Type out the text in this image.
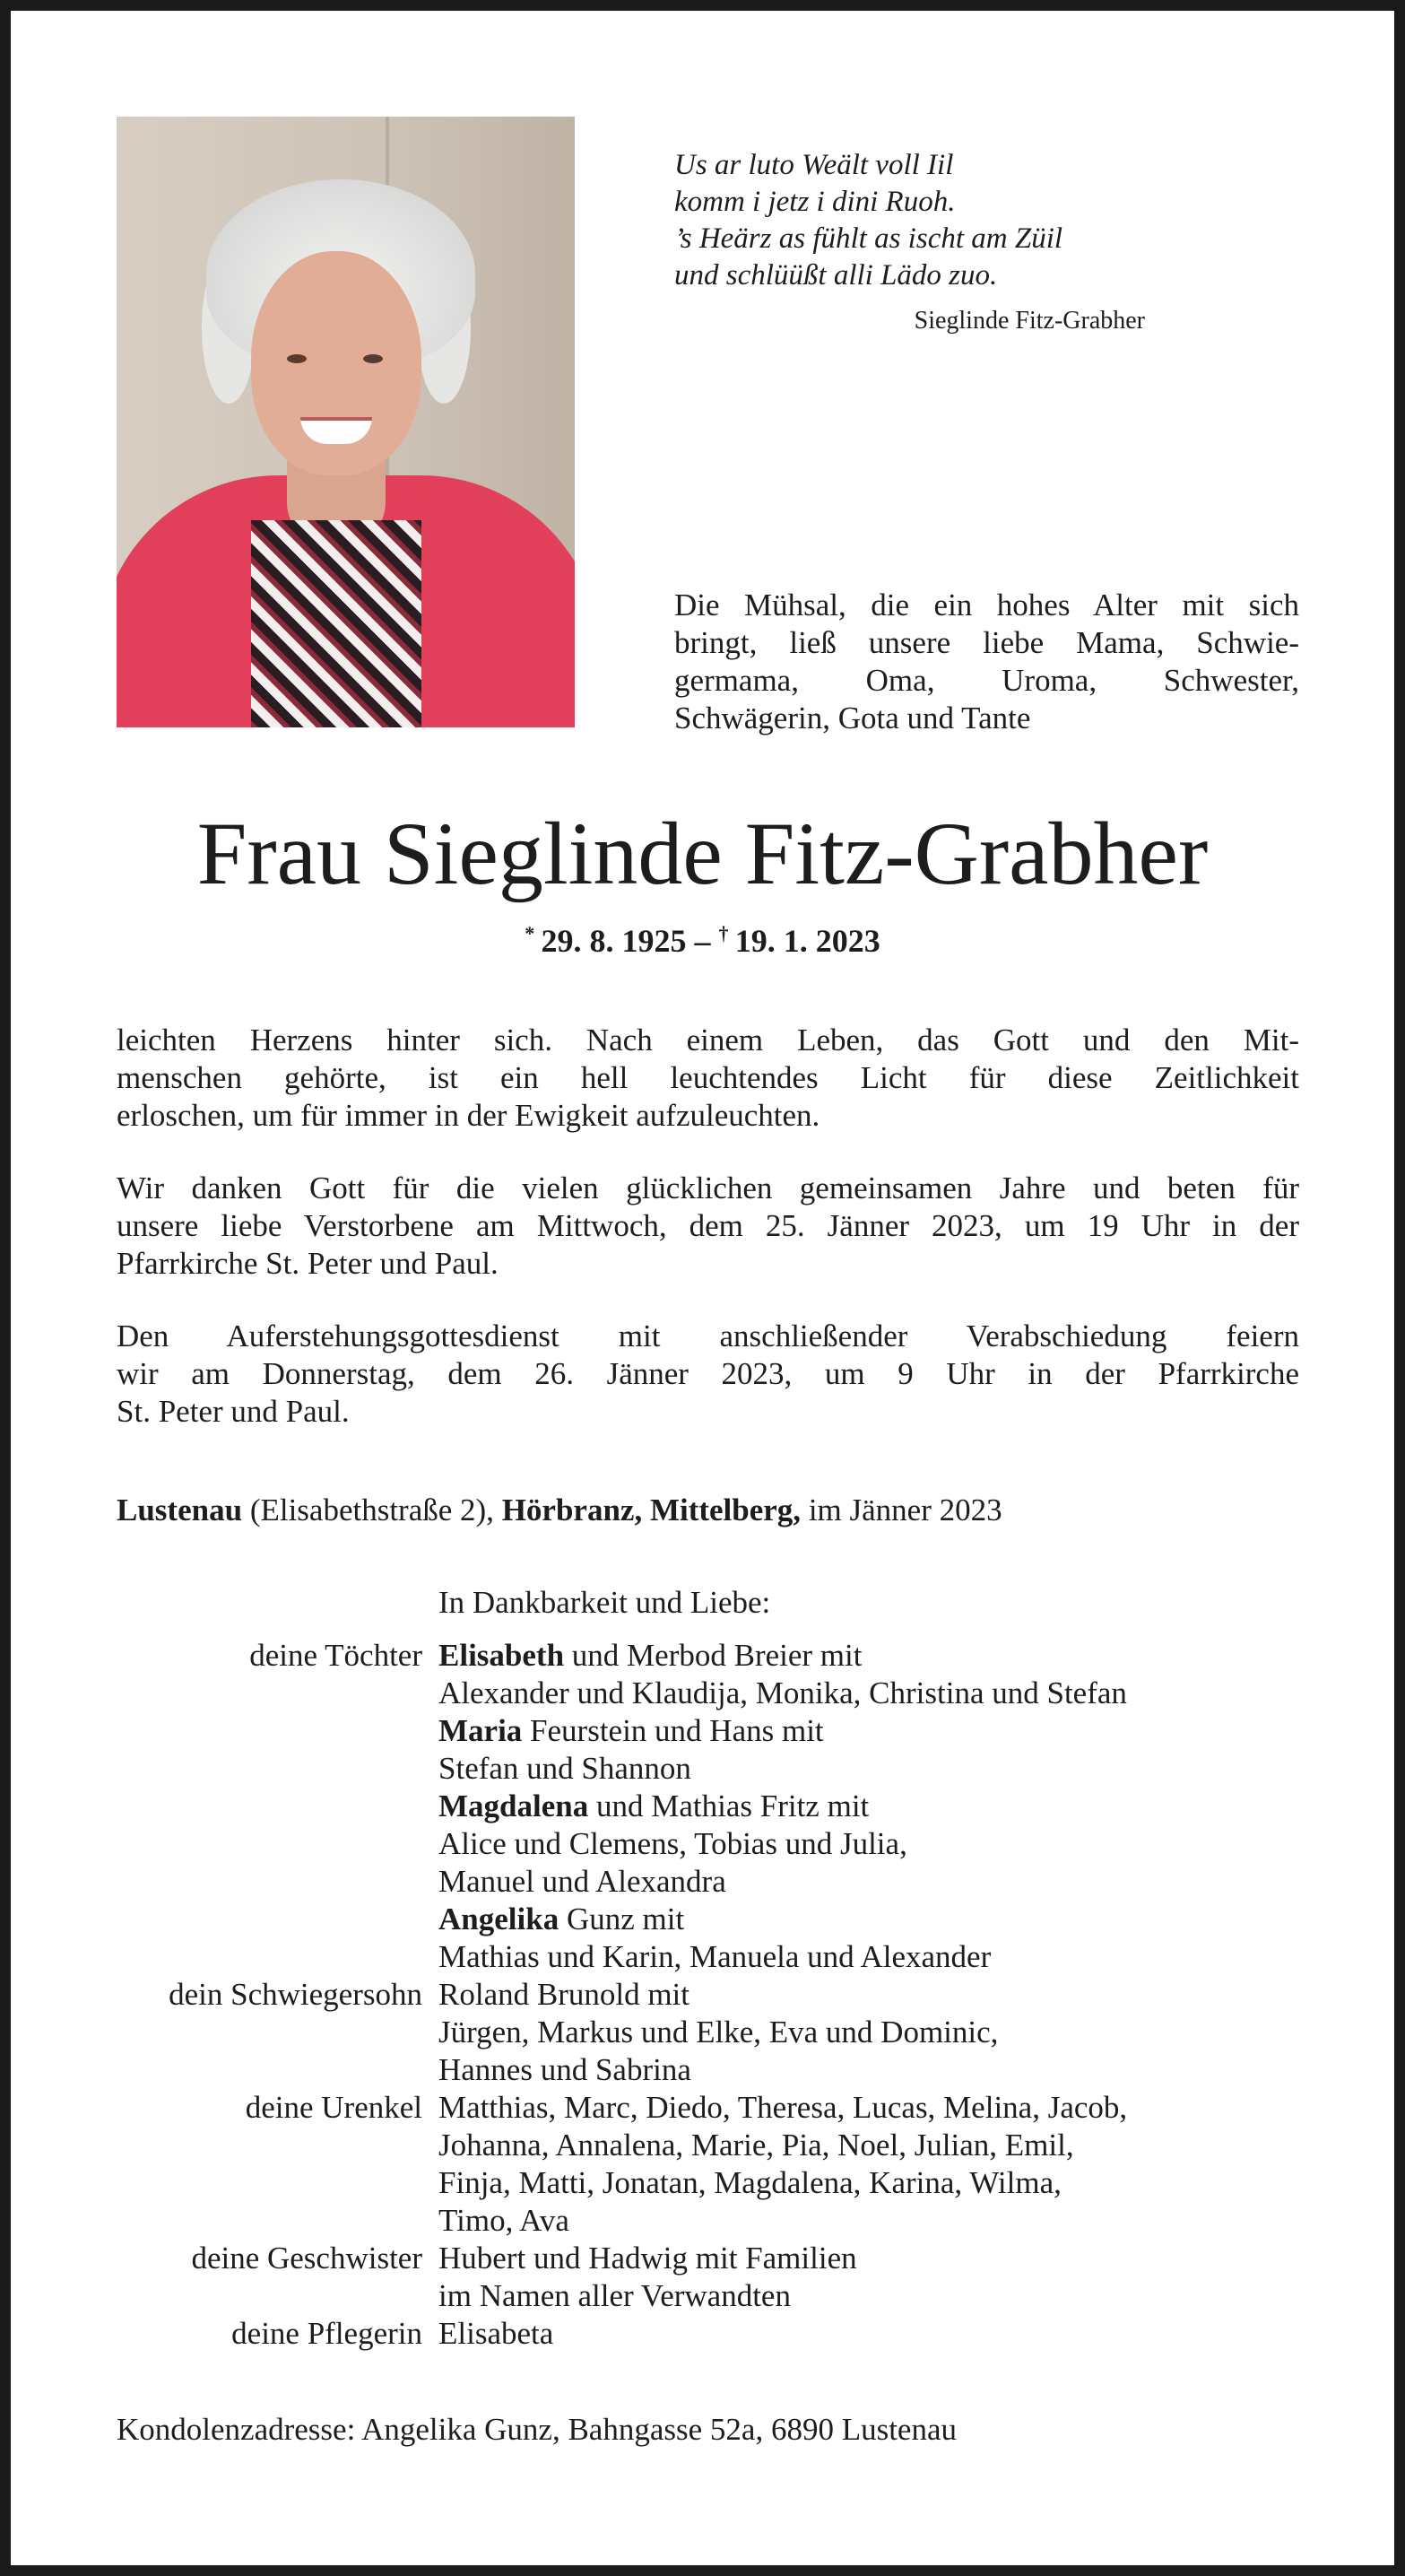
Us ar luto Weält voll Iil
komm i jetz i dini Ruoh.
’s Heärz as fühlt as ischt am Züil
und schlüüßt alli Lädo zuo.
Sieglinde Fitz-Grabher
Die Mühsal, die ein hohes Alter mit sich
bringt, ließ unsere liebe Mama, Schwie-
germama, Oma, Uroma, Schwester,
Schwägerin, Gota und Tante
Frau Sieglinde Fitz-Grabher
*  29. 8. 1925 – †  19. 1. 2023
leichten Herzens hinter sich. Nach einem Leben, das Gott und den Mit-
menschen gehörte, ist ein hell leuchtendes Licht für diese Zeitlichkeit
erloschen, um für immer in der Ewigkeit aufzuleuchten.
Wir danken Gott für die vielen glücklichen gemeinsamen Jahre und beten für
unsere liebe Verstorbene am Mittwoch, dem 25. Jänner 2023, um 19 Uhr in der
Pfarrkirche St. Peter und Paul.
Den Auferstehungsgottesdienst mit anschließender Verabschiedung feiern
wir am Donnerstag, dem 26. Jänner 2023, um 9 Uhr in der Pfarrkirche
St. Peter und Paul.
Lustenau (Elisabethstraße 2), Hörbranz, Mittelberg, im Jänner 2023
In Dankbarkeit und Liebe:
deine Töchter Elisabeth und Merbod Breier mit
Alexander und Klaudija, Monika, Christina und Stefan
Maria Feurstein und Hans mit
Stefan und Shannon
Magdalena und Mathias Fritz mit
Alice und Clemens, Tobias und Julia,
Manuel und Alexandra
Angelika Gunz mit
Mathias und Karin, Manuela und Alexander
dein Schwiegersohn Roland Brunold mit
Jürgen, Markus und Elke, Eva und Dominic,
Hannes und Sabrina
deine Urenkel Matthias, Marc, Diedo, Theresa, Lucas, Melina, Jacob,
Johanna, Annalena, Marie, Pia, Noel, Julian, Emil,
Finja, Matti, Jonatan, Magdalena, Karina, Wilma,
Timo, Ava
deine Geschwister Hubert und Hadwig mit Familien
im Namen aller Verwandten
deine Pflegerin Elisabeta
Kondolenzadresse: Angelika Gunz, Bahngasse 52a, 6890 Lustenau
